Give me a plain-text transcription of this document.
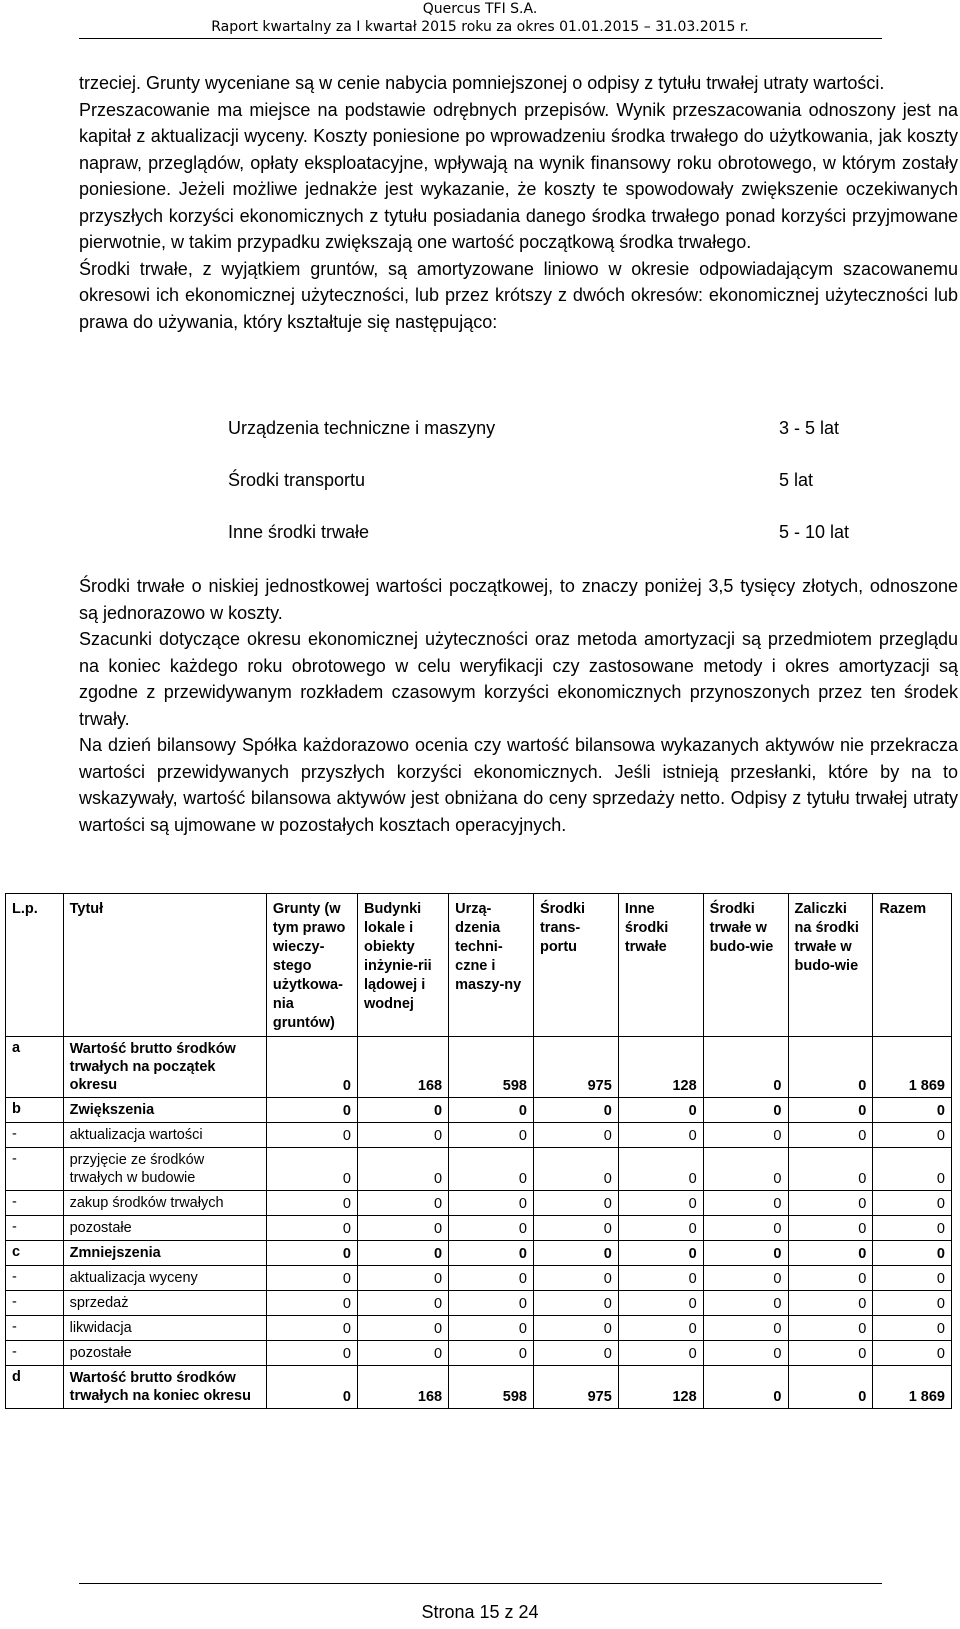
Quercus TFI S.A.
Raport kwartalny za I kwartał 2015 roku za okres 01.01.2015 – 31.03.2015 r.

trzeciej. Grunty wyceniane są w cenie nabycia pomniejszonej o odpisy z tytułu trwałej utraty wartości.

Przeszacowanie ma miejsce na podstawie odrębnych przepisów. Wynik przeszacowania odnoszony jest na kapitał z aktualizacji wyceny. Koszty poniesione po wprowadzeniu środka trwałego do użytkowania, jak koszty napraw, przeglądów, opłaty eksploatacyjne, wpływają na wynik finansowy roku obrotowego, w którym zostały poniesione. Jeżeli możliwe jednakże jest wykazanie, że koszty te spowodowały zwiększenie oczekiwanych przyszłych korzyści ekonomicznych z tytułu posiadania danego środka trwałego ponad korzyści przyjmowane pierwotnie, w takim przypadku zwiększają one wartość początkową środka trwałego.

Środki trwałe, z wyjątkiem gruntów, są amortyzowane liniowo w okresie odpowiadającym szacowanemu okresowi ich ekonomicznej użyteczności, lub przez krótszy z dwóch okresów: ekonomicznej użyteczności lub prawa do używania, który kształtuje się następująco:

Urządzenia techniczne i maszyny	3 - 5 lat
Środki transportu	5 lat
Inne środki trwałe	5 - 10 lat

Środki trwałe o niskiej jednostkowej wartości początkowej, to znaczy poniżej 3,5 tysięcy złotych, odnoszone są jednorazowo w koszty.

Szacunki dotyczące okresu ekonomicznej użyteczności oraz metoda amortyzacji są przedmiotem przeglądu na koniec każdego roku obrotowego w celu weryfikacji czy zastosowane metody i okres amortyzacji są zgodne z przewidywanym rozkładem czasowym korzyści ekonomicznych przynoszonych przez ten środek trwały.

Na dzień bilansowy Spółka każdorazowo ocenia czy wartość bilansowa wykazanych aktywów nie przekracza wartości przewidywanych przyszłych korzyści ekonomicznych. Jeśli istnieją przesłanki, które by na to wskazywały, wartość bilansowa aktywów jest obniżana do ceny sprzedaży netto. Odpisy z tytułu trwałej utraty wartości są ujmowane w pozostałych kosztach operacyjnych.

L.p.	Tytuł	Grunty (w tym prawo wieczy-stego użytkowa-nia gruntów)	Budynki lokale i obiekty inżynie-rii lądowej i wodnej	Urzą-dzenia techni-czne i maszy-ny	Środki trans-portu	Inne środki trwałe	Środki trwałe w budo-wie	Zaliczki na środki trwałe w budo-wie	Razem
a	Wartość brutto środków trwałych na początek okresu	0	168	598	975	128	0	0	1 869
b	Zwiększenia	0	0	0	0	0	0	0	0
-	aktualizacja wartości	0	0	0	0	0	0	0	0
-	przyjęcie ze środków trwałych w budowie	0	0	0	0	0	0	0	0
-	zakup środków trwałych	0	0	0	0	0	0	0	0
-	pozostałe	0	0	0	0	0	0	0	0
c	Zmniejszenia	0	0	0	0	0	0	0	0
-	aktualizacja wyceny	0	0	0	0	0	0	0	0
-	sprzedaż	0	0	0	0	0	0	0	0
-	likwidacja	0	0	0	0	0	0	0	0
-	pozostałe	0	0	0	0	0	0	0	0
d	Wartość brutto środków trwałych na koniec okresu	0	168	598	975	128	0	0	1 869
Strona 15 z 24
